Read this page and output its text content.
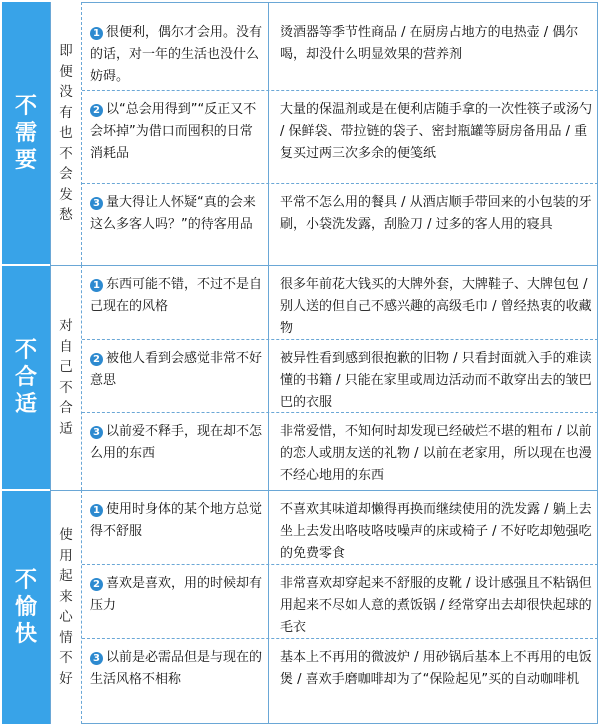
不需要
不合适
不愉快
即便没有也不会发愁
对自己不合适
使用起来心情不好
1 很便利，偶尔才会用。没有的话，对一年的生活也没什么妨碍。
烫酒器等季节性商品 / 在厨房占地方的电热壶 / 偶尔喝，却没什么明显效果的营养剂
2 以“总会用得到”“反正又不会坏掉”为借口而囤积的日常消耗品
大量的保温剂或是在便利店随手拿的一次性筷子或汤勺 / 保鲜袋、带拉链的袋子、密封瓶罐等厨房备用品 / 重复买过两三次多余的便笺纸
3 量大得让人怀疑“真的会来这么多客人吗？”的待客用品
平常不怎么用的餐具 / 从酒店顺手带回来的小包装的牙刷，小袋洗发露，刮脸刀 / 过多的客人用的寝具
1 东西可能不错，不过不是自己现在的风格
很多年前花大钱买的大牌外套，大牌鞋子、大牌包包 / 别人送的但自己不感兴趣的高级毛巾 / 曾经热衷的收藏物
2 被他人看到会感觉非常不好意思
被异性看到感到很抱歉的旧物 / 只看封面就入手的难读懂的书籍 / 只能在家里或周边活动而不敢穿出去的皱巴巴的衣服
3 以前爱不释手，现在却不怎么用的东西
非常爱惜，不知何时却发现已经破烂不堪的粗布 / 以前的恋人或朋友送的礼物 / 以前在老家用，所以现在也漫不经心地用的东西
1 使用时身体的某个地方总觉得不舒服
不喜欢其味道却懒得再换而继续使用的洗发露 / 躺上去坐上去发出咯吱咯吱噪声的床或椅子 / 不好吃却勉强吃的免费零食
2 喜欢是喜欢，用的时候却有压力
非常喜欢却穿起来不舒服的皮靴 / 设计感强且不粘锅但用起来不尽如人意的煮饭锅 / 经常穿出去却很快起球的毛衣
3 以前是必需品但是与现在的生活风格不相称
基本上不再用的微波炉 / 用砂锅后基本上不再用的电饭煲 / 喜欢手磨咖啡却为了“保险起见”买的自动咖啡机
